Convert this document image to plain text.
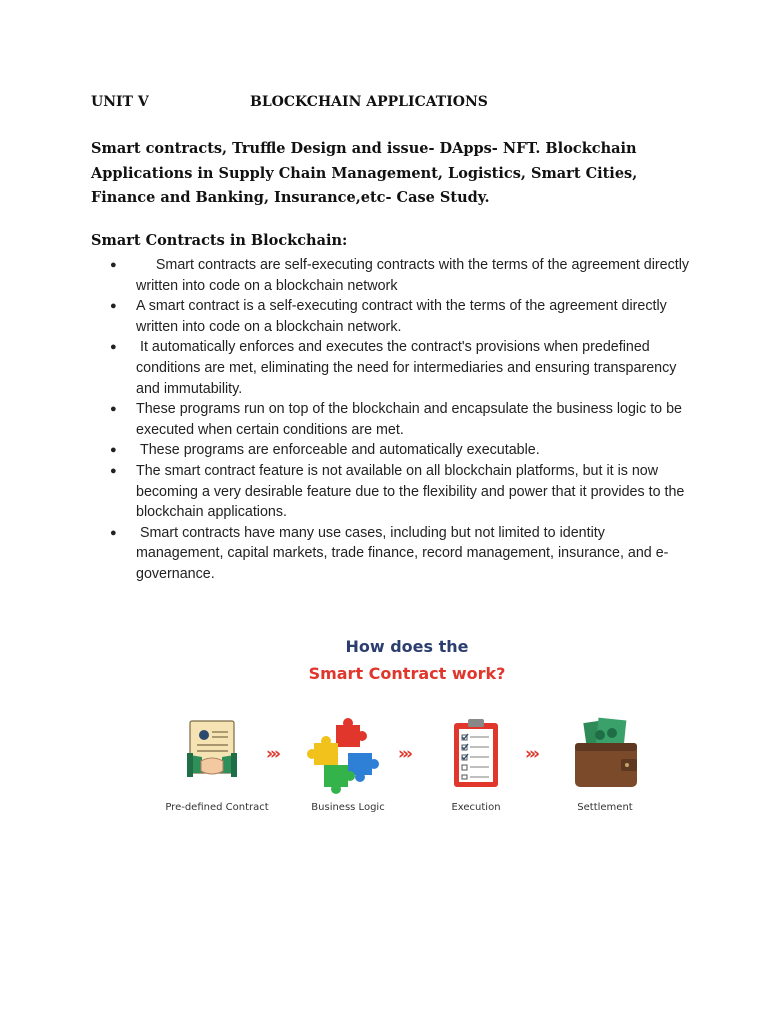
UNIT V	BLOCKCHAIN APPLICATIONS

Smart contracts, Truffle Design and issue- DApps- NFT. Blockchain Applications in Supply Chain Management, Logistics, Smart Cities, Finance and Banking, Insurance,etc- Case Study.

Smart Contracts in Blockchain:
● Smart contracts are self-executing contracts with the terms of the agreement directly written into code on a blockchain network
● A smart contract is a self-executing contract with the terms of the agreement directly written into code on a blockchain network.
● It automatically enforces and executes the contract's provisions when predefined conditions are met, eliminating the need for intermediaries and ensuring transparency and immutability.
● These programs run on top of the blockchain and encapsulate the business logic to be executed when certain conditions are met.
● These programs are enforceable and automatically executable.
● The smart contract feature is not available on all blockchain platforms, but it is now becoming a very desirable feature due to the flexibility and power that it provides to the blockchain applications.
● Smart contracts have many use cases, including but not limited to identity management, capital markets, trade finance, record management, insurance, and e-governance.
How does the
Smart Contract work?
Pre-defined Contract
›››
Business Logic
›››
Execution
›››
Settlement
